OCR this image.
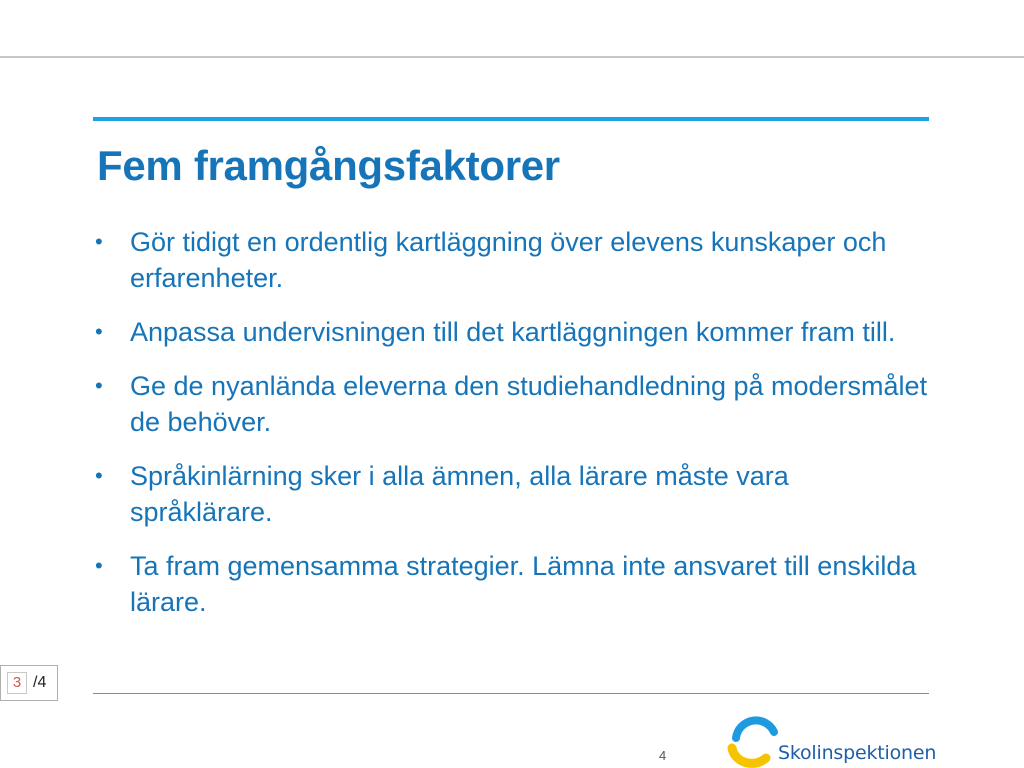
Fem framgångsfaktorer
• Gör tidigt en ordentlig kartläggning över elevens kunskaper och erfarenheter.
• Anpassa undervisningen till det kartläggningen kommer fram till.
• Ge de nyanlända eleverna den studiehandledning på modersmålet de behöver.
• Språkinlärning sker i alla ämnen, alla lärare måste vara språklärare.
• Ta fram gemensamma strategier. Lämna inte ansvaret till enskilda lärare.
3 /4
4	Skolinspektionen
